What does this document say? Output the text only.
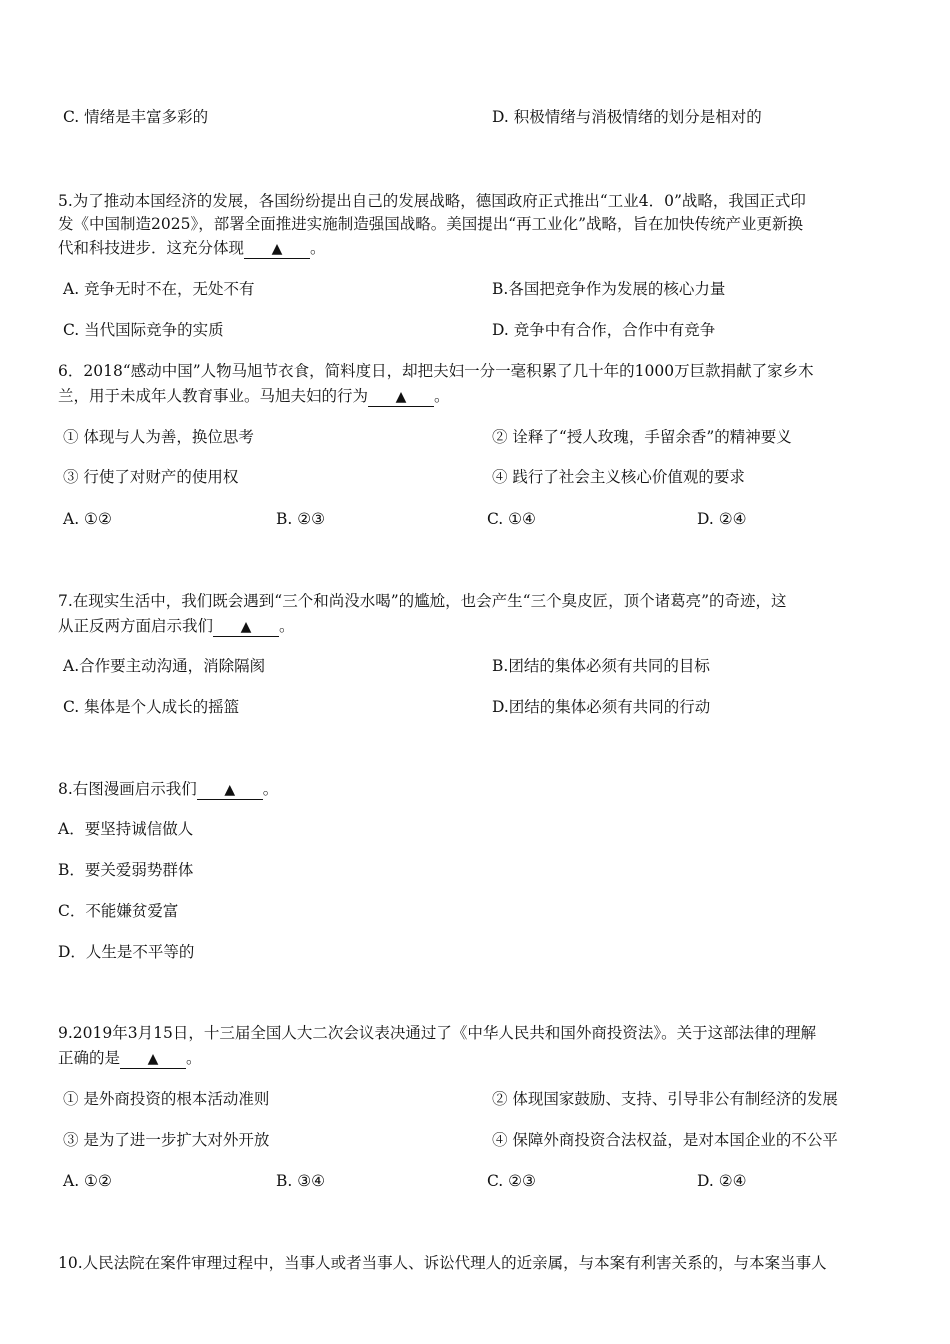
C. 情绪是丰富多彩的	D. 积极情绪与消极情绪的划分是相对的
5.为了推动本国经济的发展，各国纷纷提出自己的发展战略，德国政府正式推出“工业4．0”战略，我国正式印
发《中国制造2025》，部署全面推进实施制造强国战略。美国提出“再工业化”战略，旨在加快传统产业更新换
代和科技进步．这充分体现 ▲ 。
A. 竞争无时不在，无处不有	B.各国把竞争作为发展的核心力量
C. 当代国际竞争的实质	D. 竞争中有合作，合作中有竞争
6．2018“感动中国”人物马旭节衣食，简料度日，却把夫妇一分一毫积累了几十年的1000万巨款捐献了家乡木
兰，用于未成年人教育事业。马旭夫妇的行为 ▲ 。
① 体现与人为善，换位思考	② 诠释了“授人玫瑰，手留余香”的精神要义
③ 行使了对财产的使用权	④ 践行了社会主义核心价值观的要求
A. ①②	B. ②③	C. ①④	D. ②④
7.在现实生活中，我们既会遇到“三个和尚没水喝”的尴尬，也会产生“三个臭皮匠，顶个诸葛亮”的奇迹，这
从正反两方面启示我们 ▲ 。
A.合作要主动沟通，消除隔阂	B.团结的集体必须有共同的目标
C. 集体是个人成长的摇篮	D.团结的集体必须有共同的行动
8.右图漫画启示我们 ▲ 。
A．要坚持诚信做人
B．要关爱弱势群体
C．不能嫌贫爱富
D．人生是不平等的
9.2019年3月15日，十三届全国人大二次会议表决通过了《中华人民共和国外商投资法》。关于这部法律的理解
正确的是 ▲ 。
① 是外商投资的根本活动准则	② 体现国家鼓励、支持、引导非公有制经济的发展
③ 是为了进一步扩大对外开放	④ 保障外商投资合法权益，是对本国企业的不公平
A. ①②	B. ③④	C. ②③	D. ②④
10.人民法院在案件审理过程中，当事人或者当事人、诉讼代理人的近亲属，与本案有利害关系的，与本案当事人
